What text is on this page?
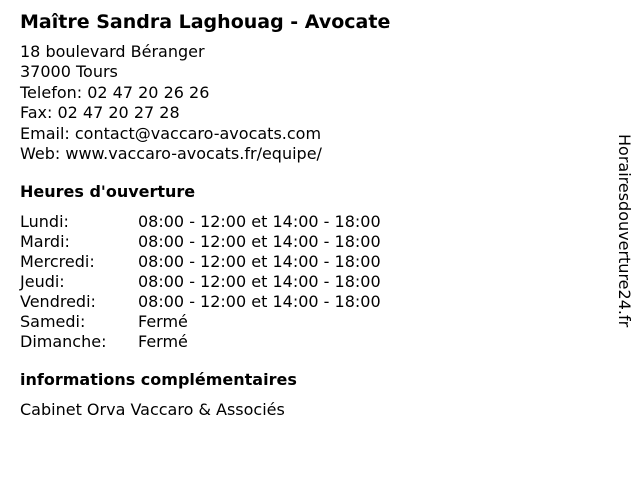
Maître Sandra Laghouag - Avocate
18 boulevard Béranger
37000 Tours
Telefon: 02 47 20 26 26
Fax: 02 47 20 27 28
Email: contact@vaccaro-avocats.com
Web: www.vaccaro-avocats.fr/equipe/
Heures d'ouverture
Lundi:	08:00 - 12:00 et 14:00 - 18:00
Mardi:	08:00 - 12:00 et 14:00 - 18:00
Mercredi:	08:00 - 12:00 et 14:00 - 18:00
Jeudi:	08:00 - 12:00 et 14:00 - 18:00
Vendredi:	08:00 - 12:00 et 14:00 - 18:00
Samedi:	Fermé
Dimanche:	Fermé
informations complémentaires
Cabinet Orva Vaccaro & Associés
Horairesdouverture24.fr
